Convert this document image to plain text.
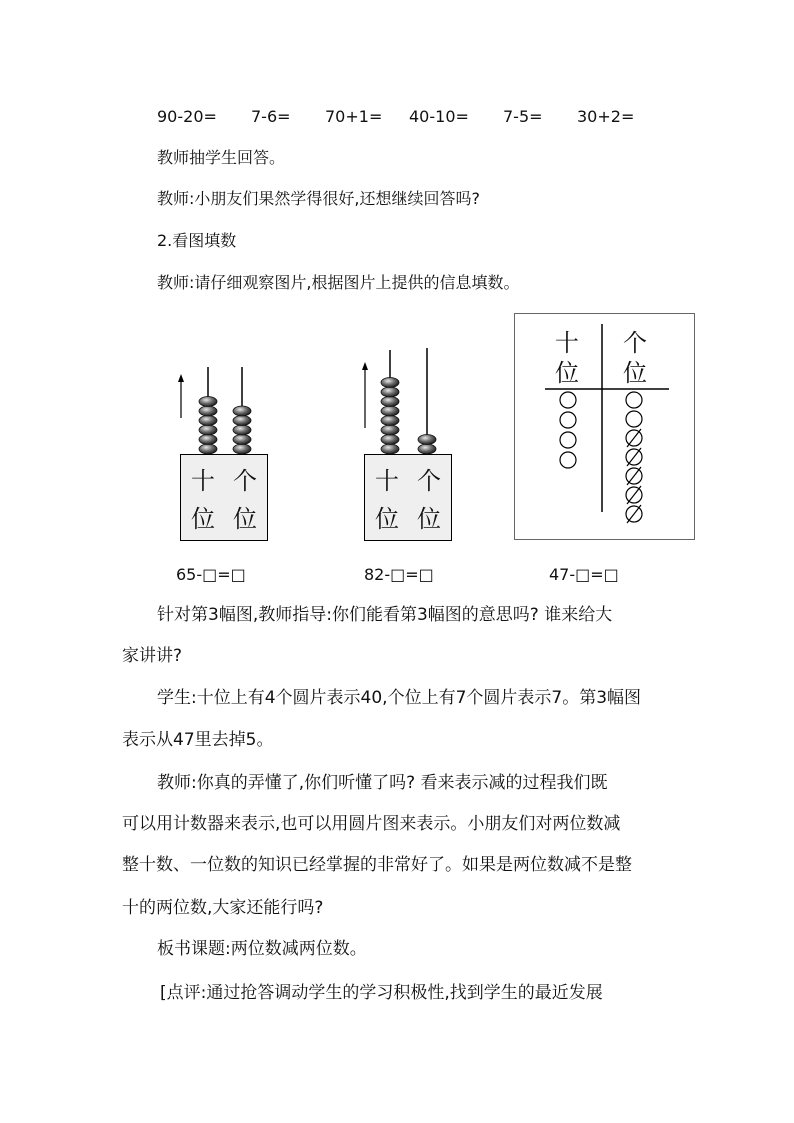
90-20= 7-6= 70+1= 40-10= 7-5= 30+2=
教师抽学生回答。
教师:小朋友们果然学得很好,还想继续回答吗?
2.看图填数
教师:请仔细观察图片,根据图片上提供的信息填数。
十 个
位 位
十 个
位 位
十
位
个
位
65-□=□	82-□=□	47-□=□
针对第3幅图,教师指导:你们能看第3幅图的意思吗? 谁来给大
家讲讲?
学生:十位上有4个圆片表示40,个位上有7个圆片表示7。第3幅图
表示从47里去掉5。
教师:你真的弄懂了,你们听懂了吗? 看来表示减的过程我们既
可以用计数器来表示,也可以用圆片图来表示。小朋友们对两位数减
整十数、一位数的知识已经掌握的非常好了。如果是两位数减不是整
十的两位数,大家还能行吗?
板书课题:两位数减两位数。
[点评:通过抢答调动学生的学习积极性,找到学生的最近发展
